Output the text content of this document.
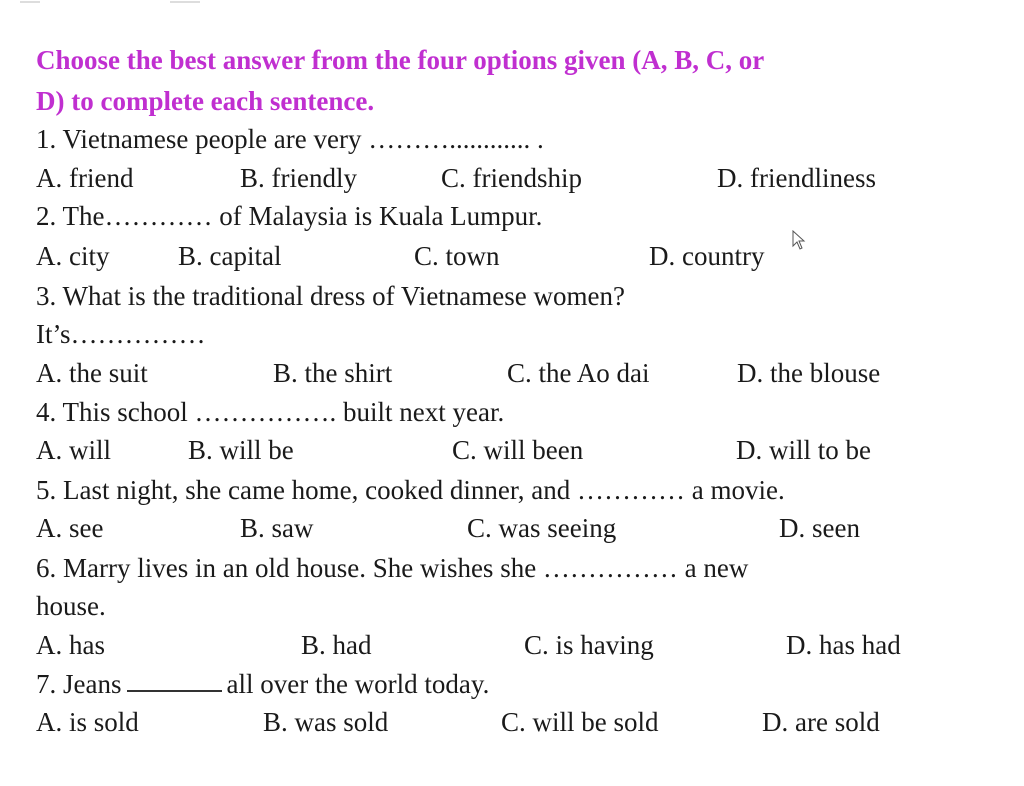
Choose the best answer from the four options given (A, B, C, or
D) to complete each sentence.
1. Vietnamese people are very ………............ .
A. friend	B. friendly	C. friendship	D. friendliness
2. The………… of Malaysia is Kuala Lumpur.
A. city	B. capital	C. town	D. country
3. What is the traditional dress of Vietnamese women?
It’s……………
A. the suit	B. the shirt	C. the Ao dai	D. the blouse
4. This school ……………. built next year.
A. will	B. will be	C. will been	D. will to be
5. Last night, she came home, cooked dinner, and ………… a movie.
A. see	B. saw	C. was seeing	D. seen
6. Marry lives in an old house. She wishes she …………… a new
house.
A. has	B. had	C. is having	D. has had
7. Jeans	all over the world today.
A. is sold	B. was sold	C. will be sold	D. are sold
